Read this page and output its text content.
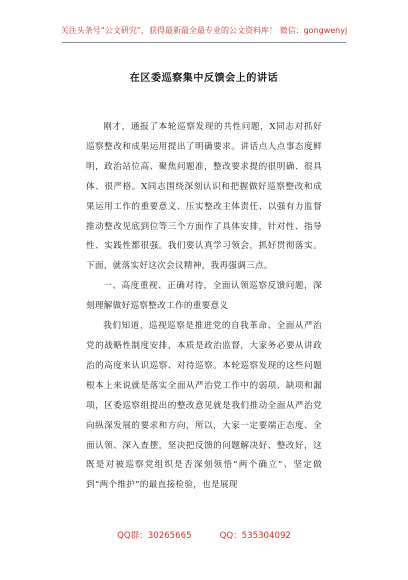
关注头条号“公文研究”，获得最新最全最专业的公文资料库！ 微信：gongwenyj
在区委巡察集中反馈会上的讲话

刚才，通报了本轮巡察发现的共性问题，X同志对抓好巡察整改和成果运用提出了明确要求。讲话点人点事态度鲜明，政治站位高、聚焦问题准，整改要求提的很明确、很具体、很严格。X同志围绕深刻认识和把握做好巡察整改和成果运用工作的重要意义、压实整改主体责任、以强有力监督推动整改见底到位等三个方面作了具体安排，针对性、指导性、实践性都很强。我们要认真学习领会，抓好贯彻落实。下面，就落实好这次会议精神，我再强调三点。

一、高度重视、正确对待，全面认领巡察反馈问题，深刻理解做好巡察整改工作的重要意义

我们知道，巡视巡察是推进党的自我革命、全面从严治党的战略性制度安排，本质是政治监督，大家务必要从讲政治的高度来认识巡察、对待巡察。本轮巡察发现的这些问题根本上来说就是落实全面从严治党工作中的弱项、缺项和漏项，区委巡察组提出的整改意见就是我们推动全面从严治党向纵深发展的要求和方向，所以，大家一定要端正态度、全面认领、深入查摆，坚决把反馈的问题解决好、整改好，这既是对被巡察党组织是否深刻领悟“两个确立”、坚定做到“两个维护”的最直接检验，也是展现

QQ群：30265665	QQ：535304092
